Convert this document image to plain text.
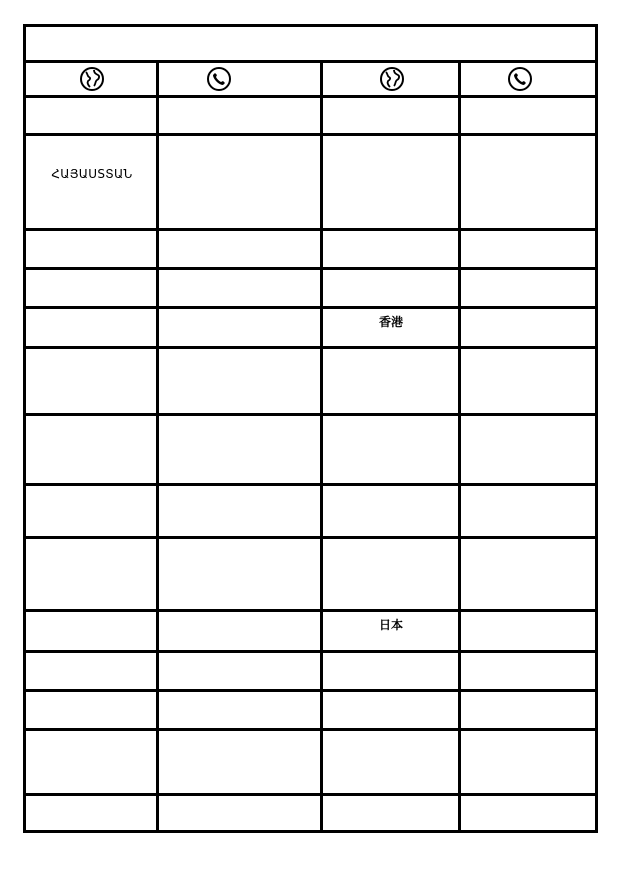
ՀԱՅԱUSՏԱՆ
香港
日本
